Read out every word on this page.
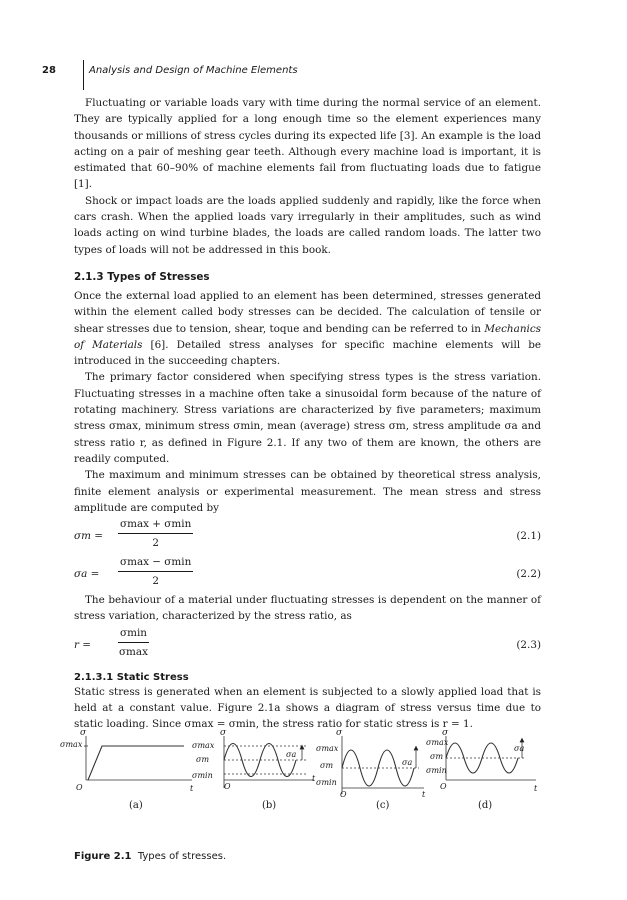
28	Analysis and Design of Machine Elements

Fluctuating or variable loads vary with time during the normal service of an element. They are typically applied for a long enough time so the element experiences many thousands or millions of stress cycles during its expected life [3]. An example is the load acting on a pair of meshing gear teeth. Although every machine load is important, it is estimated that 60–90% of machine elements fail from fluctuating loads due to fatigue [1].

Shock or impact loads are the loads applied suddenly and rapidly, like the force when cars crash. When the applied loads vary irregularly in their amplitudes, such as wind loads acting on wind turbine blades, the loads are called random loads. The latter two types of loads will not be addressed in this book.

2.1.3 Types of Stresses

Once the external load applied to an element has been determined, stresses generated within the element called body stresses can be decided. The calculation of tensile or shear stresses due to tension, shear, toque and bending can be referred to in Mechanics of Materials [6]. Detailed stress analyses for specific machine elements will be introduced in the succeeding chapters.

The primary factor considered when specifying stress types is the stress variation. Fluctuating stresses in a machine often take a sinusoidal form because of the nature of rotating machinery. Stress variations are characterized by five parameters; maximum stress σmax, minimum stress σmin, mean (average) stress σm, stress amplitude σa and stress ratio r, as defined in Figure 2.1. If any two of them are known, the others are readily computed.

The maximum and minimum stresses can be obtained by theoretical stress analysis, finite element analysis or experimental measurement. The mean stress and stress amplitude are computed by

σm =
σmax + σmin
2
(2.1)
σa =
σmax − σmin
2
(2.2)

The behaviour of a material under fluctuating stresses is dependent on the manner of stress variation, characterized by the stress ratio, as

r =
σmin
σmax
(2.3)
2.1.3.1 Static Stress

Static stress is generated when an element is subjected to a slowly applied load that is held at a constant value. Figure 2.1a shows a diagram of stress versus time due to static loading. Since σmax = σmin, the stress ratio for static stress is r = 1.

σ
σmax
O	t
(a)
σ
σmax
σm
σmin
σa
O
t
(b)
σ
σmax
σm
σmin
σa
O	t
(c)
σ
σmax
σm
σmin
σa
O	t
(d)
Figure 2.1 Types of stresses.
